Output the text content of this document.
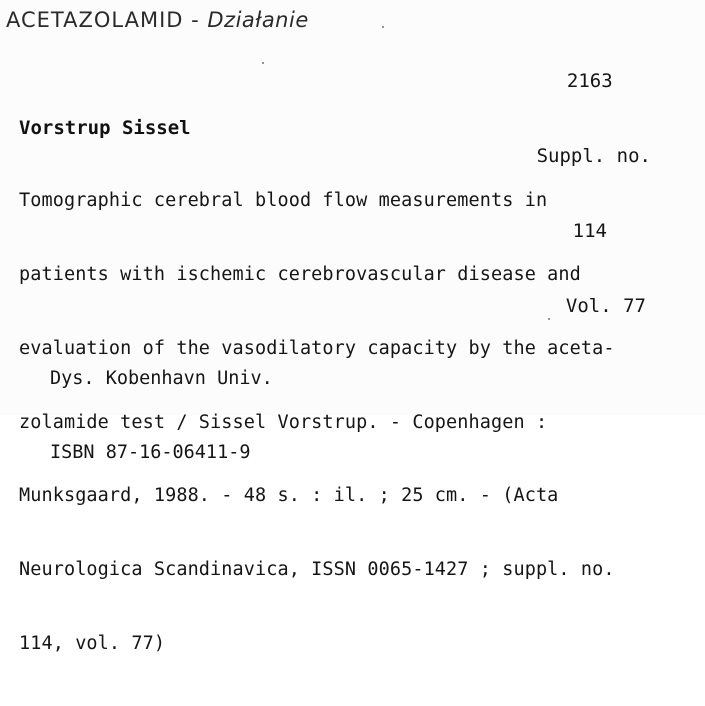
ACETAZOLAMID - Działanie

2163

Suppl. no.

114

Vol. 77

Vorstrup Sissel

Tomographic cerebral blood flow measurements in

patients with ischemic cerebrovascular disease and

evaluation of the vasodilatory capacity by the aceta-

zolamide test / Sissel Vorstrup. - Copenhagen :

Munksgaard, 1988. - 48 s. : il. ; 25 cm. - (Acta

Neurologica Scandinavica, ISSN 0065-1427 ; suppl. no.

114, vol. 77)

Dys. Kobenhavn Univ.

ISBN 87-16-06411-9
